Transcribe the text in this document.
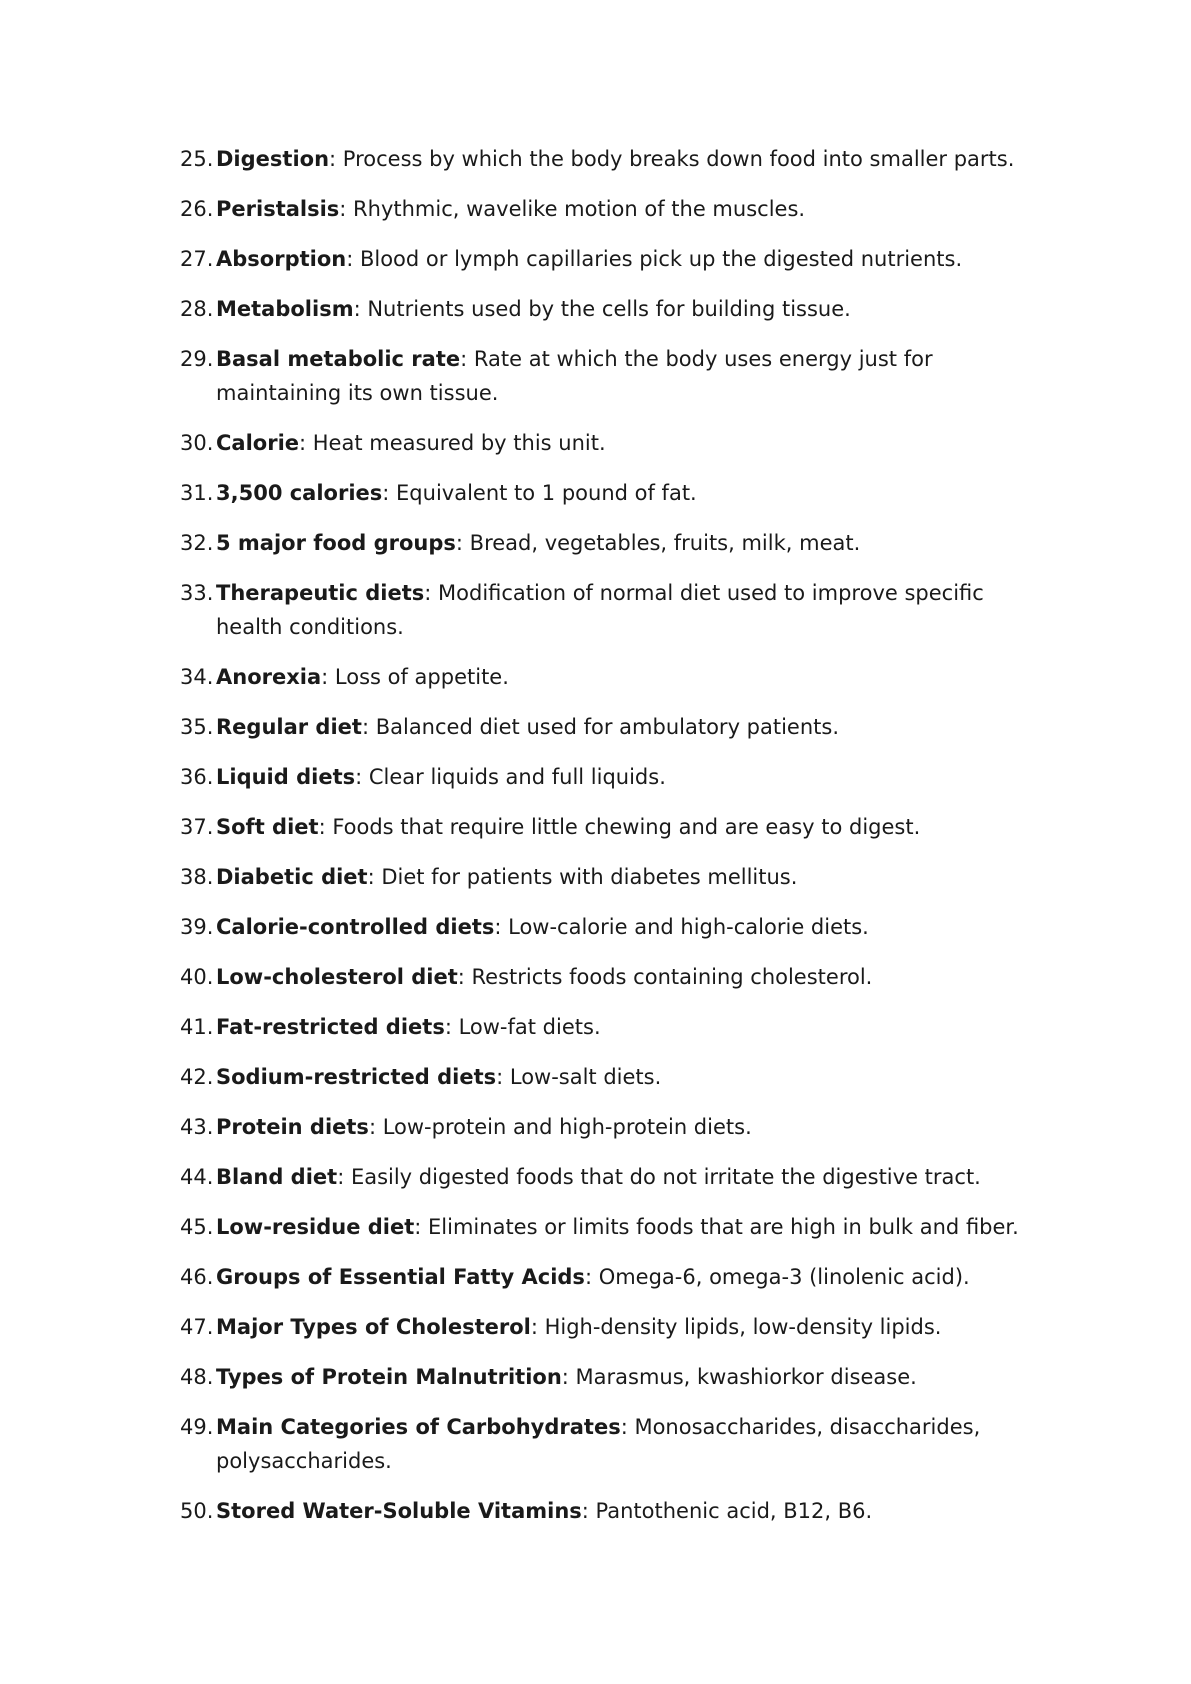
25. Digestion: Process by which the body breaks down food into smaller parts.
26. Peristalsis: Rhythmic, wavelike motion of the muscles.
27. Absorption: Blood or lymph capillaries pick up the digested nutrients.
28. Metabolism: Nutrients used by the cells for building tissue.
29. Basal metabolic rate: Rate at which the body uses energy just for maintaining its own tissue.
30. Calorie: Heat measured by this unit.
31. 3,500 calories: Equivalent to 1 pound of fat.
32. 5 major food groups: Bread, vegetables, fruits, milk, meat.
33. Therapeutic diets: Modification of normal diet used to improve specific health conditions.
34. Anorexia: Loss of appetite.
35. Regular diet: Balanced diet used for ambulatory patients.
36. Liquid diets: Clear liquids and full liquids.
37. Soft diet: Foods that require little chewing and are easy to digest.
38. Diabetic diet: Diet for patients with diabetes mellitus.
39. Calorie-controlled diets: Low-calorie and high-calorie diets.
40. Low-cholesterol diet: Restricts foods containing cholesterol.
41. Fat-restricted diets: Low-fat diets.
42. Sodium-restricted diets: Low-salt diets.
43. Protein diets: Low-protein and high-protein diets.
44. Bland diet: Easily digested foods that do not irritate the digestive tract.
45. Low-residue diet: Eliminates or limits foods that are high in bulk and fiber.
46. Groups of Essential Fatty Acids: Omega-6, omega-3 (linolenic acid).
47. Major Types of Cholesterol: High-density lipids, low-density lipids.
48. Types of Protein Malnutrition: Marasmus, kwashiorkor disease.
49. Main Categories of Carbohydrates: Monosaccharides, disaccharides, polysaccharides.
50. Stored Water-Soluble Vitamins: Pantothenic acid, B12, B6.
